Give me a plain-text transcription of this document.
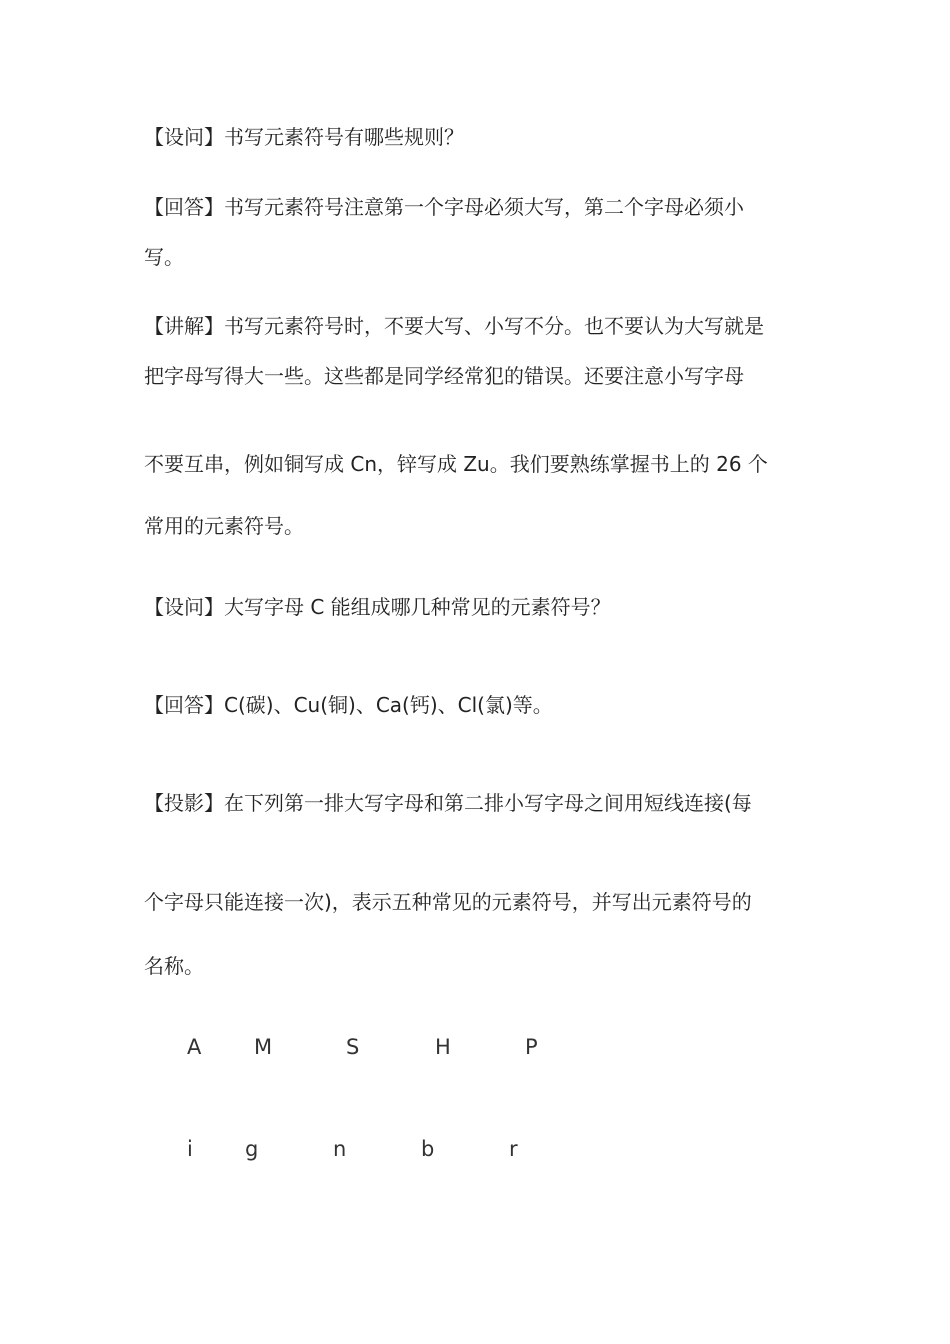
【设问】书写元素符号有哪些规则？
【回答】书写元素符号注意第一个字母必须大写，第二个字母必须小
写。
【讲解】书写元素符号时，不要大写、小写不分。也不要认为大写就是
把字母写得大一些。这些都是同学经常犯的错误。还要注意小写字母
不要互串，例如铜写成 Cn，锌写成 Zu。我们要熟练掌握书上的 26 个
常用的元素符号。
【设问】大写字母 C 能组成哪几种常见的元素符号？
【回答】C(碳)、Cu(铜)、Ca(钙)、Cl(氯)等。
【投影】在下列第一排大写字母和第二排小写字母之间用短线连接(每
个字母只能连接一次)，表示五种常见的元素符号，并写出元素符号的
名称。
A	M	S	H	P
i g	n	b	r
